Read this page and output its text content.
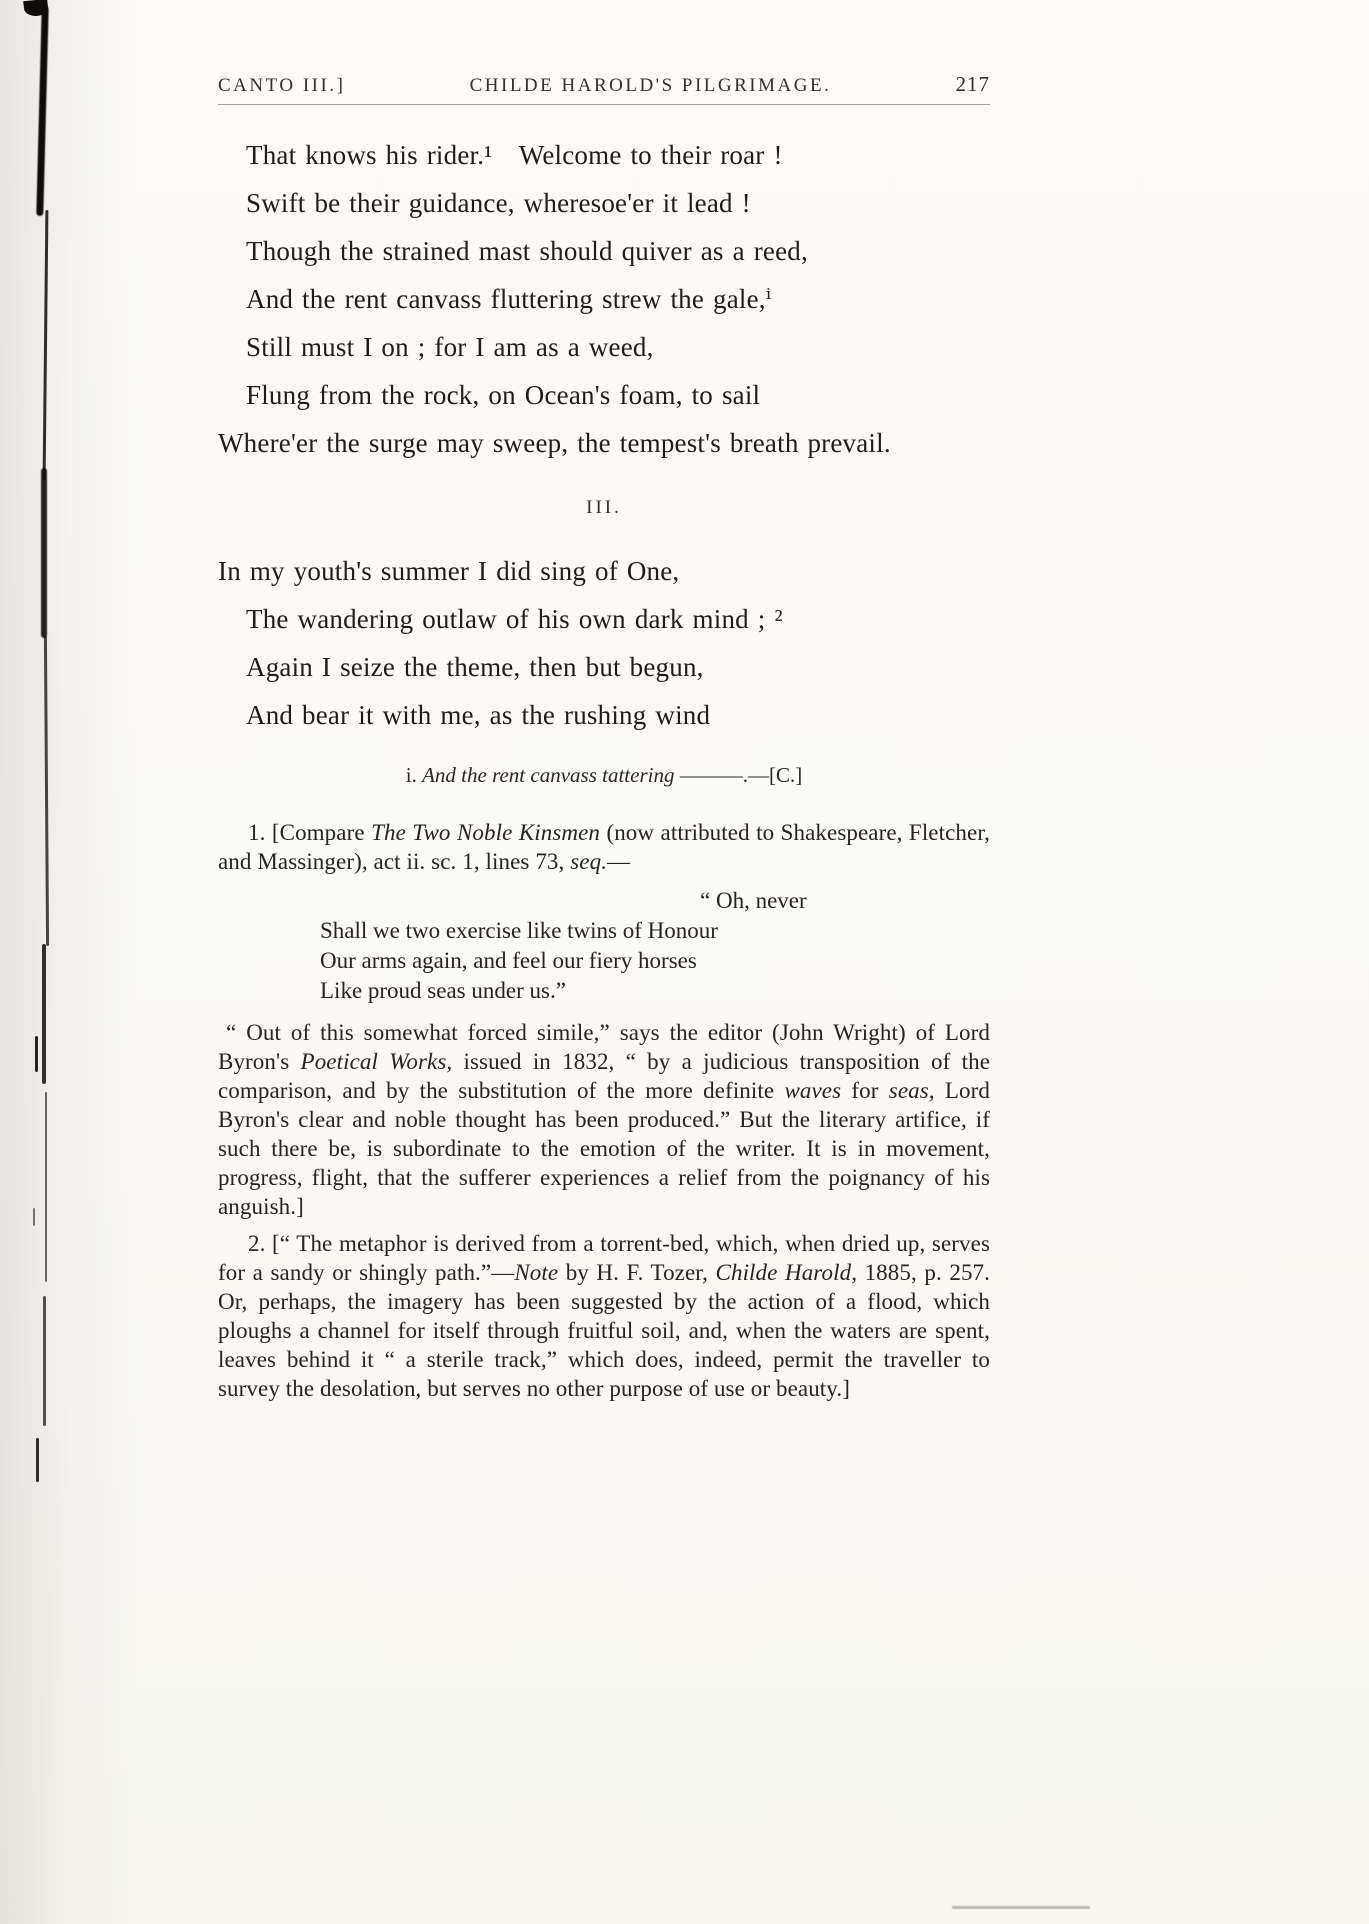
CANTO III.]	CHILDE HAROLD'S PILGRIMAGE.	217

That knows his rider.¹   Welcome to their roar !

Swift be their guidance, wheresoe'er it lead !

Though the strained mast should quiver as a reed,

And the rent canvass fluttering strew the gale,ⁱ

Still must I on ; for I am as a weed,

Flung from the rock, on Ocean's foam, to sail

Where'er the surge may sweep, the tempest's breath prevail.

III.

In my youth's summer I did sing of One,

The wandering outlaw of his own dark mind ; ²

Again I seize the theme, then but begun,

And bear it with me, as the rushing wind

i. And the rent canvass tattering ———.—[C.]

1. [Compare The Two Noble Kinsmen (now attributed to Shakespeare, Fletcher, and Massinger), act ii. sc. 1, lines 73, seq.—

“ Oh, never

Shall we two exercise like twins of Honour

Our arms again, and feel our fiery horses

Like proud seas under us.”

“ Out of this somewhat forced simile,” says the editor (John Wright) of Lord Byron's Poetical Works, issued in 1832, “ by a judicious transposition of the comparison, and by the substitution of the more definite waves for seas, Lord Byron's clear and noble thought has been produced.” But the literary artifice, if such there be, is subordinate to the emotion of the writer. It is in movement, progress, flight, that the sufferer experiences a relief from the poignancy of his anguish.]

2. [“ The metaphor is derived from a torrent-bed, which, when dried up, serves for a sandy or shingly path.”—Note by H. F. Tozer, Childe Harold, 1885, p. 257. Or, perhaps, the imagery has been suggested by the action of a flood, which ploughs a channel for itself through fruitful soil, and, when the waters are spent, leaves behind it “ a sterile track,” which does, indeed, permit the traveller to survey the desolation, but serves no other purpose of use or beauty.]
